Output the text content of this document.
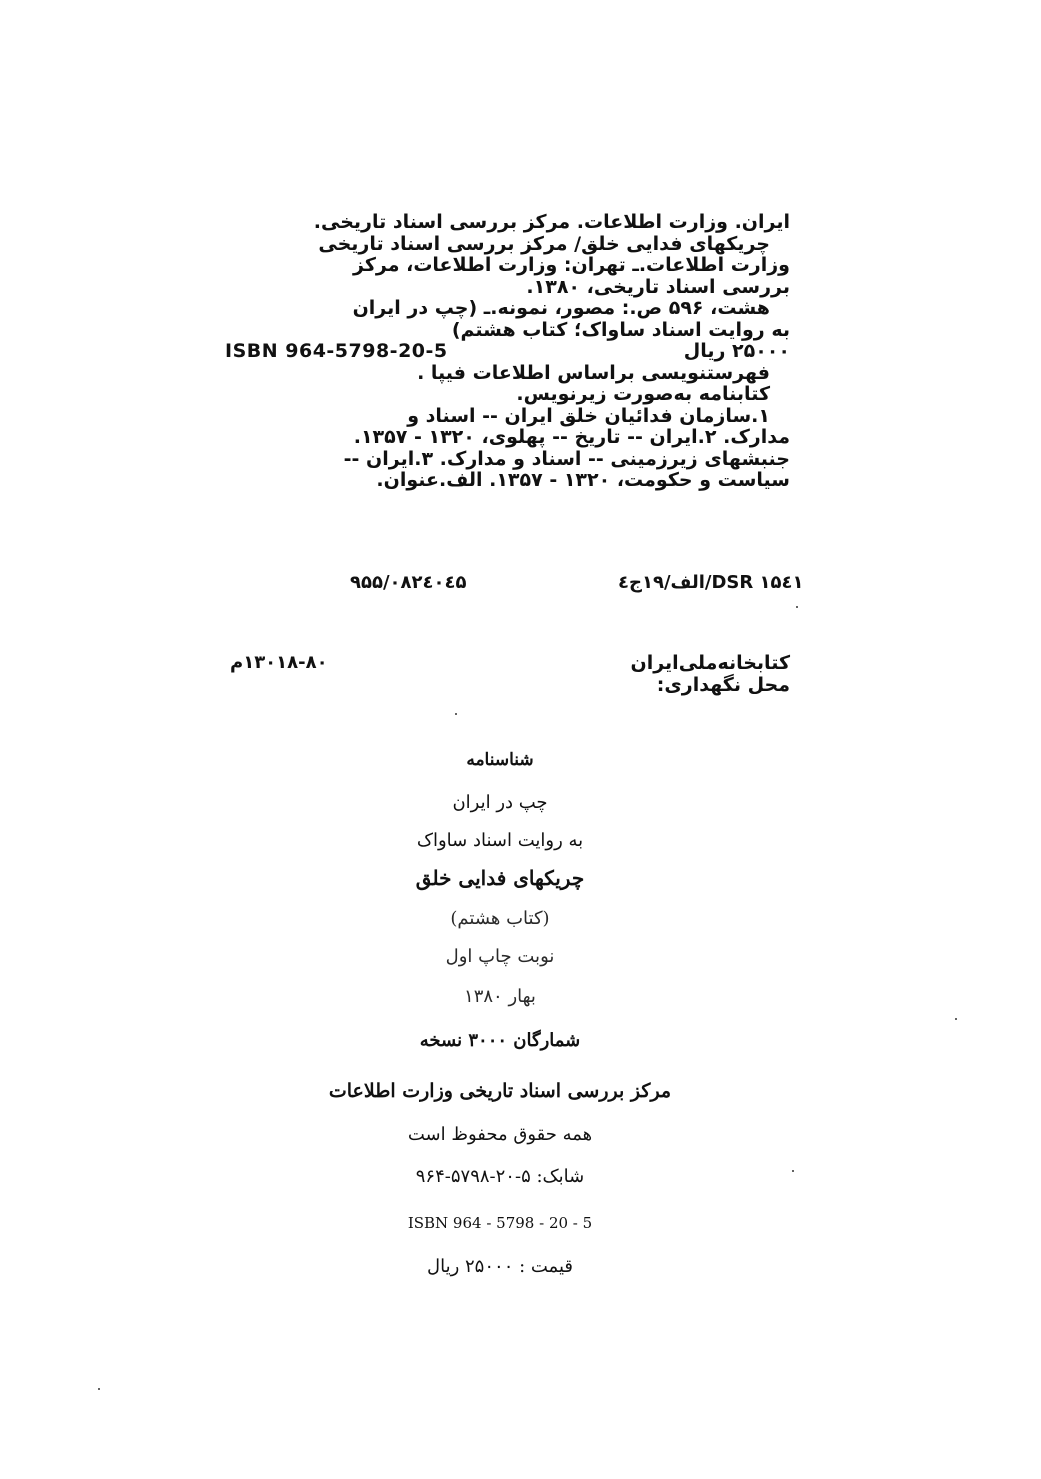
ایران. وزارت اطلاعات. مرکز بررسی اسناد تاریخی.
چریکهای فدایی خلق/ مرکز بررسی اسناد تاریخی
وزارت اطلاعات.ـ تهران: وزارت اطلاعات، مرکز
بررسی اسناد تاریخی، ۱۳۸۰.
هشت، ۵۹۶ ص.: مصور، نمونه.ـ (چپ در ایران
به روایت اسناد ساواک؛ کتاب هشتم)
۲۵۰۰۰ ریال
ISBN 964-5798-20-5
فهرستنویسی براساس اطلاعات فیپا .
کتابنامه به‌صورت زیرنویس.
۱.سازمان فدائیان خلق ایران -- اسناد و
مدارک. ۲.ایران -- تاریخ -- پهلوی، ۱۳۲۰ - ۱۳۵۷.
جنبشهای زیرزمینی -- اسناد و مدارک. ۳.ایران --
سیاست و حکومت، ۱۳۲۰ - ۱۳۵۷. الف.عنوان.
DSR ۱۵٤۱/الف/۱۹ج٤
۹۵۵/۰۸۲٤۰٤۵
کتابخانه‌ملی‌ایران
محل نگهداری:
۱۳۰۱۸-۸۰م
شناسنامه
چپ در ایران
به روایت اسناد ساواک
چریکهای فدایی خلق
(کتاب هشتم)
نوبت چاپ اول
بهار ۱۳۸۰
شمارگان ۳۰۰۰ نسخه
مرکز بررسی اسناد تاریخی وزارت اطلاعات
همه حقوق محفوظ است
شابک: ۵-۲۰-۵۷۹۸-۹۶۴
ISBN 964 - 5798 - 20 - 5
قیمت : ۲۵۰۰۰ ریال
